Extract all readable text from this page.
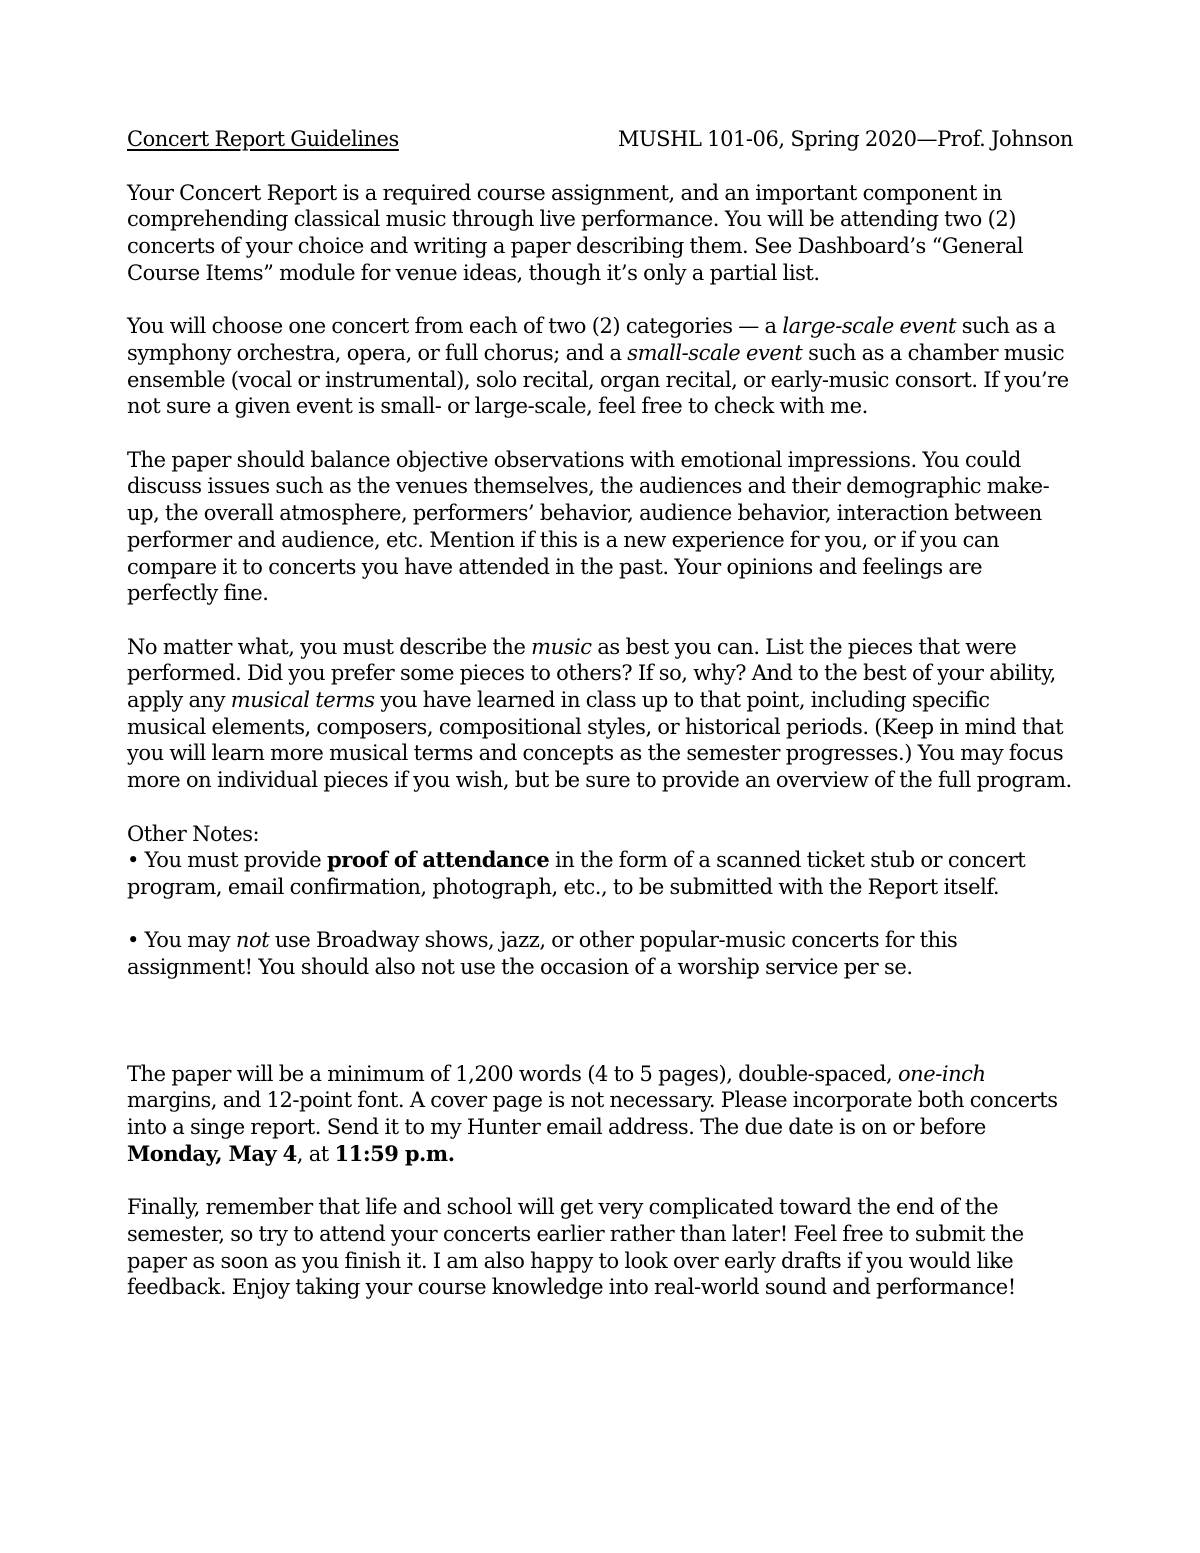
Concert Report Guidelines	MUSHL 101-06, Spring 2020—Prof. Johnson

Your Concert Report is a required course assignment, and an important component in comprehending classical music through live performance. You will be attending two (2) concerts of your choice and writing a paper describing them. See Dashboard’s “General Course Items” module for venue ideas, though it’s only a partial list.

You will choose one concert from each of two (2) categories — a large-scale event such as a symphony orchestra, opera, or full chorus; and a small-scale event such as a chamber music ensemble (vocal or instrumental), solo recital, organ recital, or early-music consort. If you’re not sure a given event is small- or large-scale, feel free to check with me.

The paper should balance objective observations with emotional impressions. You could discuss issues such as the venues themselves, the audiences and their demographic make-up, the overall atmosphere, performers’ behavior, audience behavior, interaction between performer and audience, etc. Mention if this is a new experience for you, or if you can compare it to concerts you have attended in the past. Your opinions and feelings are perfectly fine.

No matter what, you must describe the music as best you can. List the pieces that were performed. Did you prefer some pieces to others? If so, why? And to the best of your ability, apply any musical terms you have learned in class up to that point, including specific musical elements, composers, compositional styles, or historical periods. (Keep in mind that you will learn more musical terms and concepts as the semester progresses.) You may focus more on individual pieces if you wish, but be sure to provide an overview of the full program.

Other Notes:

• You must provide proof of attendance in the form of a scanned ticket stub or concert program, email confirmation, photograph, etc., to be submitted with the Report itself.

• You may not use Broadway shows, jazz, or other popular-music concerts for this assignment! You should also not use the occasion of a worship service per se.

The paper will be a minimum of 1,200 words (4 to 5 pages), double-spaced, one-inch margins, and 12-point font. A cover page is not necessary. Please incorporate both concerts into a singe report. Send it to my Hunter email address. The due date is on or before Monday, May 4, at 11:59 p.m.

Finally, remember that life and school will get very complicated toward the end of the semester, so try to attend your concerts earlier rather than later! Feel free to submit the paper as soon as you finish it. I am also happy to look over early drafts if you would like feedback. Enjoy taking your course knowledge into real-world sound and performance!
